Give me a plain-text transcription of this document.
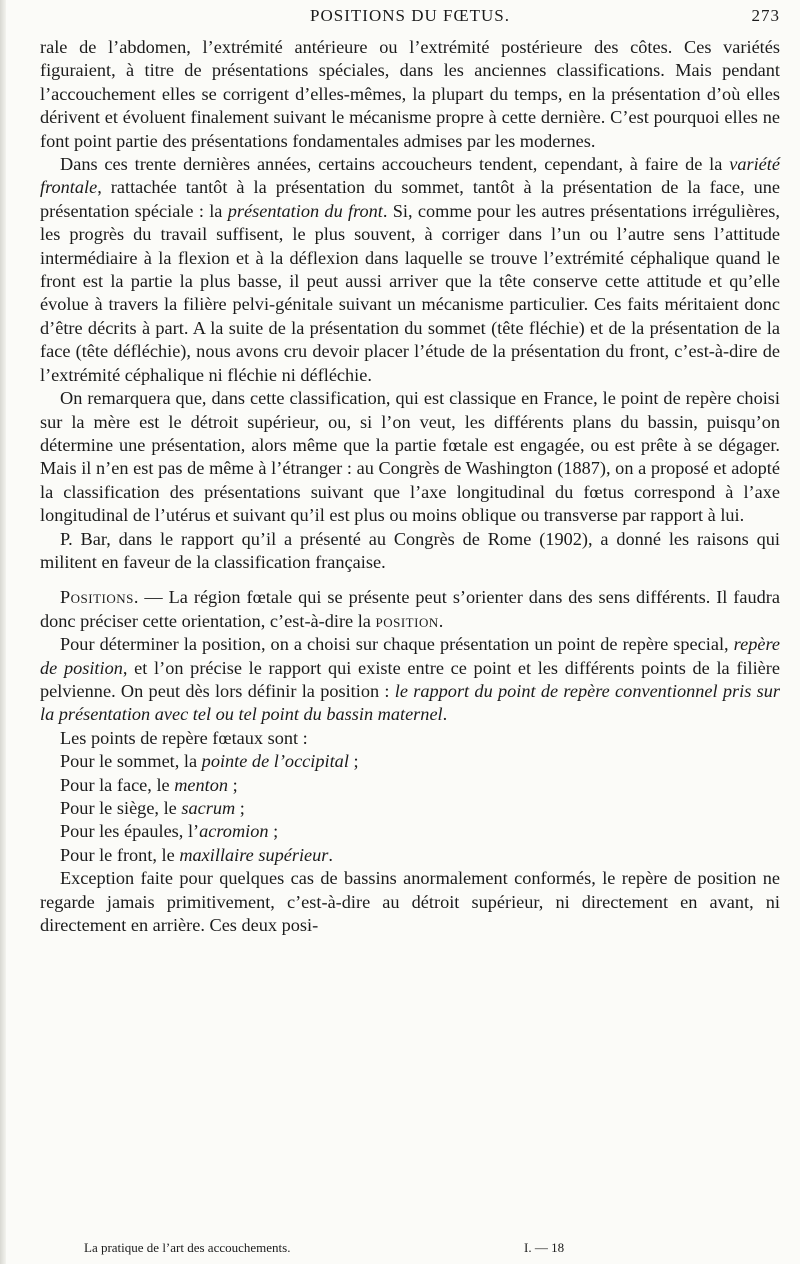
POSITIONS DU FŒTUS.	273

rale de l’abdomen, l’extrémité antérieure ou l’extrémité postérieure des côtes. Ces variétés figuraient, à titre de présentations spéciales, dans les anciennes classifications. Mais pendant l’accouchement elles se corrigent d’elles-mêmes, la plupart du temps, en la présentation d’où elles dérivent et évoluent finalement suivant le mécanisme propre à cette dernière. C’est pourquoi elles ne font point partie des présentations fondamentales admises par les modernes.

Dans ces trente dernières années, certains accoucheurs tendent, cependant, à faire de la variété frontale, rattachée tantôt à la présentation du sommet, tantôt à la présentation de la face, une présentation spéciale : la présentation du front. Si, comme pour les autres présentations irrégulières, les progrès du travail suffisent, le plus souvent, à corriger dans l’un ou l’autre sens l’attitude intermédiaire à la flexion et à la déflexion dans laquelle se trouve l’extrémité céphalique quand le front est la partie la plus basse, il peut aussi arriver que la tête conserve cette attitude et qu’elle évolue à travers la filière pelvi-génitale suivant un mécanisme particulier. Ces faits méritaient donc d’être décrits à part. A la suite de la présentation du sommet (tête fléchie) et de la présentation de la face (tête défléchie), nous avons cru devoir placer l’étude de la présentation du front, c’est-à-dire de l’extrémité céphalique ni fléchie ni défléchie.

On remarquera que, dans cette classification, qui est classique en France, le point de repère choisi sur la mère est le détroit supérieur, ou, si l’on veut, les différents plans du bassin, puisqu’on détermine une présentation, alors même que la partie fœtale est engagée, ou est prête à se dégager. Mais il n’en est pas de même à l’étranger : au Congrès de Washington (1887), on a proposé et adopté la classification des présentations suivant que l’axe longitudinal du fœtus correspond à l’axe longitudinal de l’utérus et suivant qu’il est plus ou moins oblique ou transverse par rapport à lui.

P. Bar, dans le rapport qu’il a présenté au Congrès de Rome (1902), a donné les raisons qui militent en faveur de la classification française.

Positions. — La région fœtale qui se présente peut s’orienter dans des sens différents. Il faudra donc préciser cette orientation, c’est-à-dire la position.

Pour déterminer la position, on a choisi sur chaque présentation un point de repère special, repère de position, et l’on précise le rapport qui existe entre ce point et les différents points de la filière pelvienne. On peut dès lors définir la position : le rapport du point de repère conventionnel pris sur la présentation avec tel ou tel point du bassin maternel.

Les points de repère fœtaux sont :

Pour le sommet, la pointe de l’occipital ;

Pour la face, le menton ;

Pour le siège, le sacrum ;

Pour les épaules, l’acromion ;

Pour le front, le maxillaire supérieur.

Exception faite pour quelques cas de bassins anormalement conformés, le repère de position ne regarde jamais primitivement, c’est-à-dire au détroit supérieur, ni directement en avant, ni directement en arrière. Ces deux posi-

La pratique de l’art des accouchements.	I. — 18
